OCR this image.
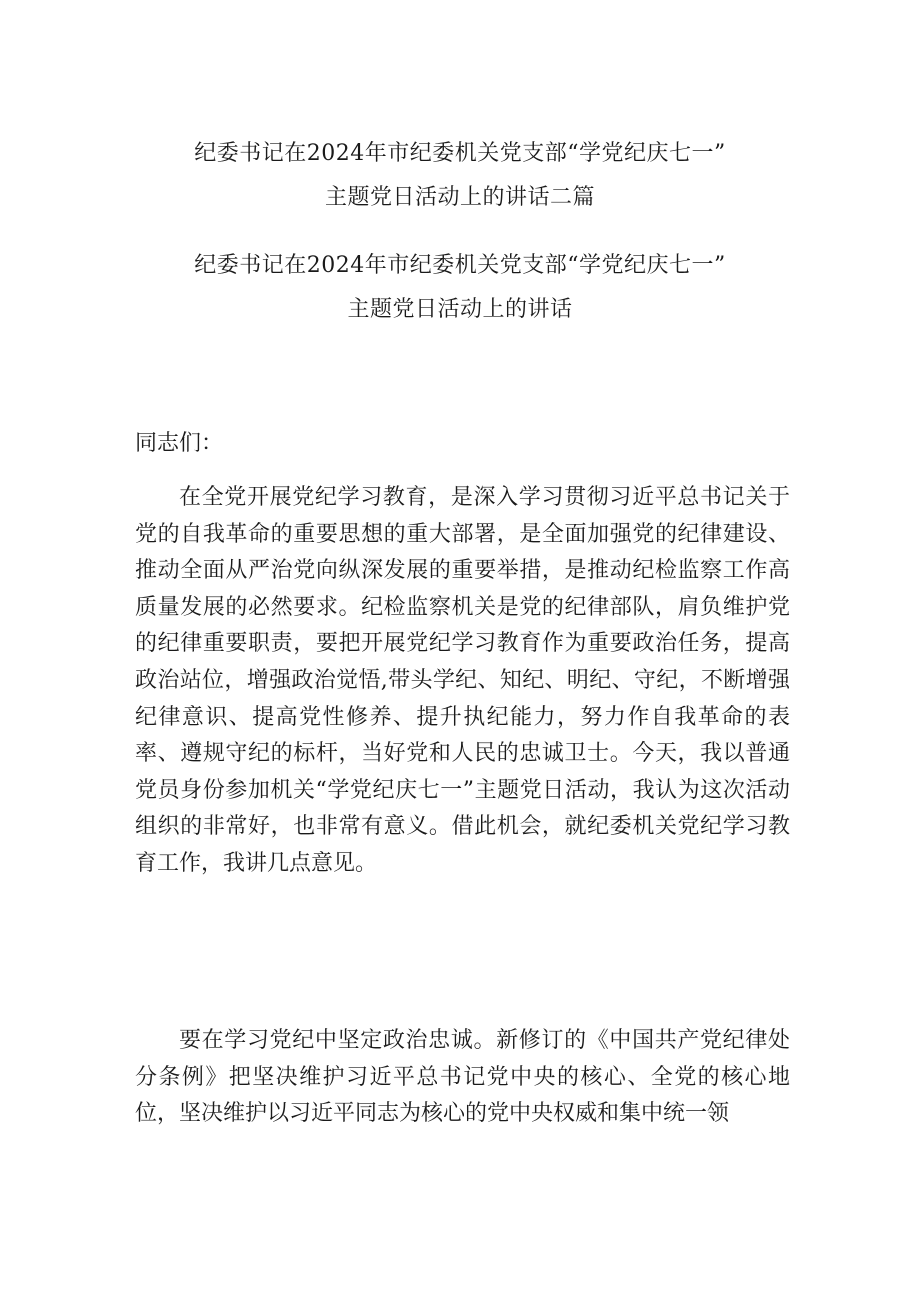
纪委书记在2024年市纪委机关党支部“学党纪庆七一”
主题党日活动上的讲话二篇
纪委书记在2024年市纪委机关党支部“学党纪庆七一”
主题党日活动上的讲话
同志们：

在全党开展党纪学习教育，是深入学习贯彻习近平总书记关于党的自我革命的重要思想的重大部署，是全面加强党的纪律建设、推动全面从严治党向纵深发展的重要举措，是推动纪检监察工作高质量发展的必然要求。纪检监察机关是党的纪律部队，肩负维护党的纪律重要职责，要把开展党纪学习教育作为重要政治任务，提高政治站位，增强政治觉悟,带头学纪、知纪、明纪、守纪，不断增强纪律意识、提高党性修养、提升执纪能力，努力作自我革命的表率、遵规守纪的标杆，当好党和人民的忠诚卫士。今天，我以普通党员身份参加机关“学党纪庆七一”主题党日活动，我认为这次活动组织的非常好，也非常有意义。借此机会，就纪委机关党纪学习教育工作，我讲几点意见。

要在学习党纪中坚定政治忠诚。新修订的《中国共产党纪律处分条例》把坚决维护习近平总书记党中央的核心、全党的核心地位，坚决维护以习近平同志为核心的党中央权威和集中统一领
